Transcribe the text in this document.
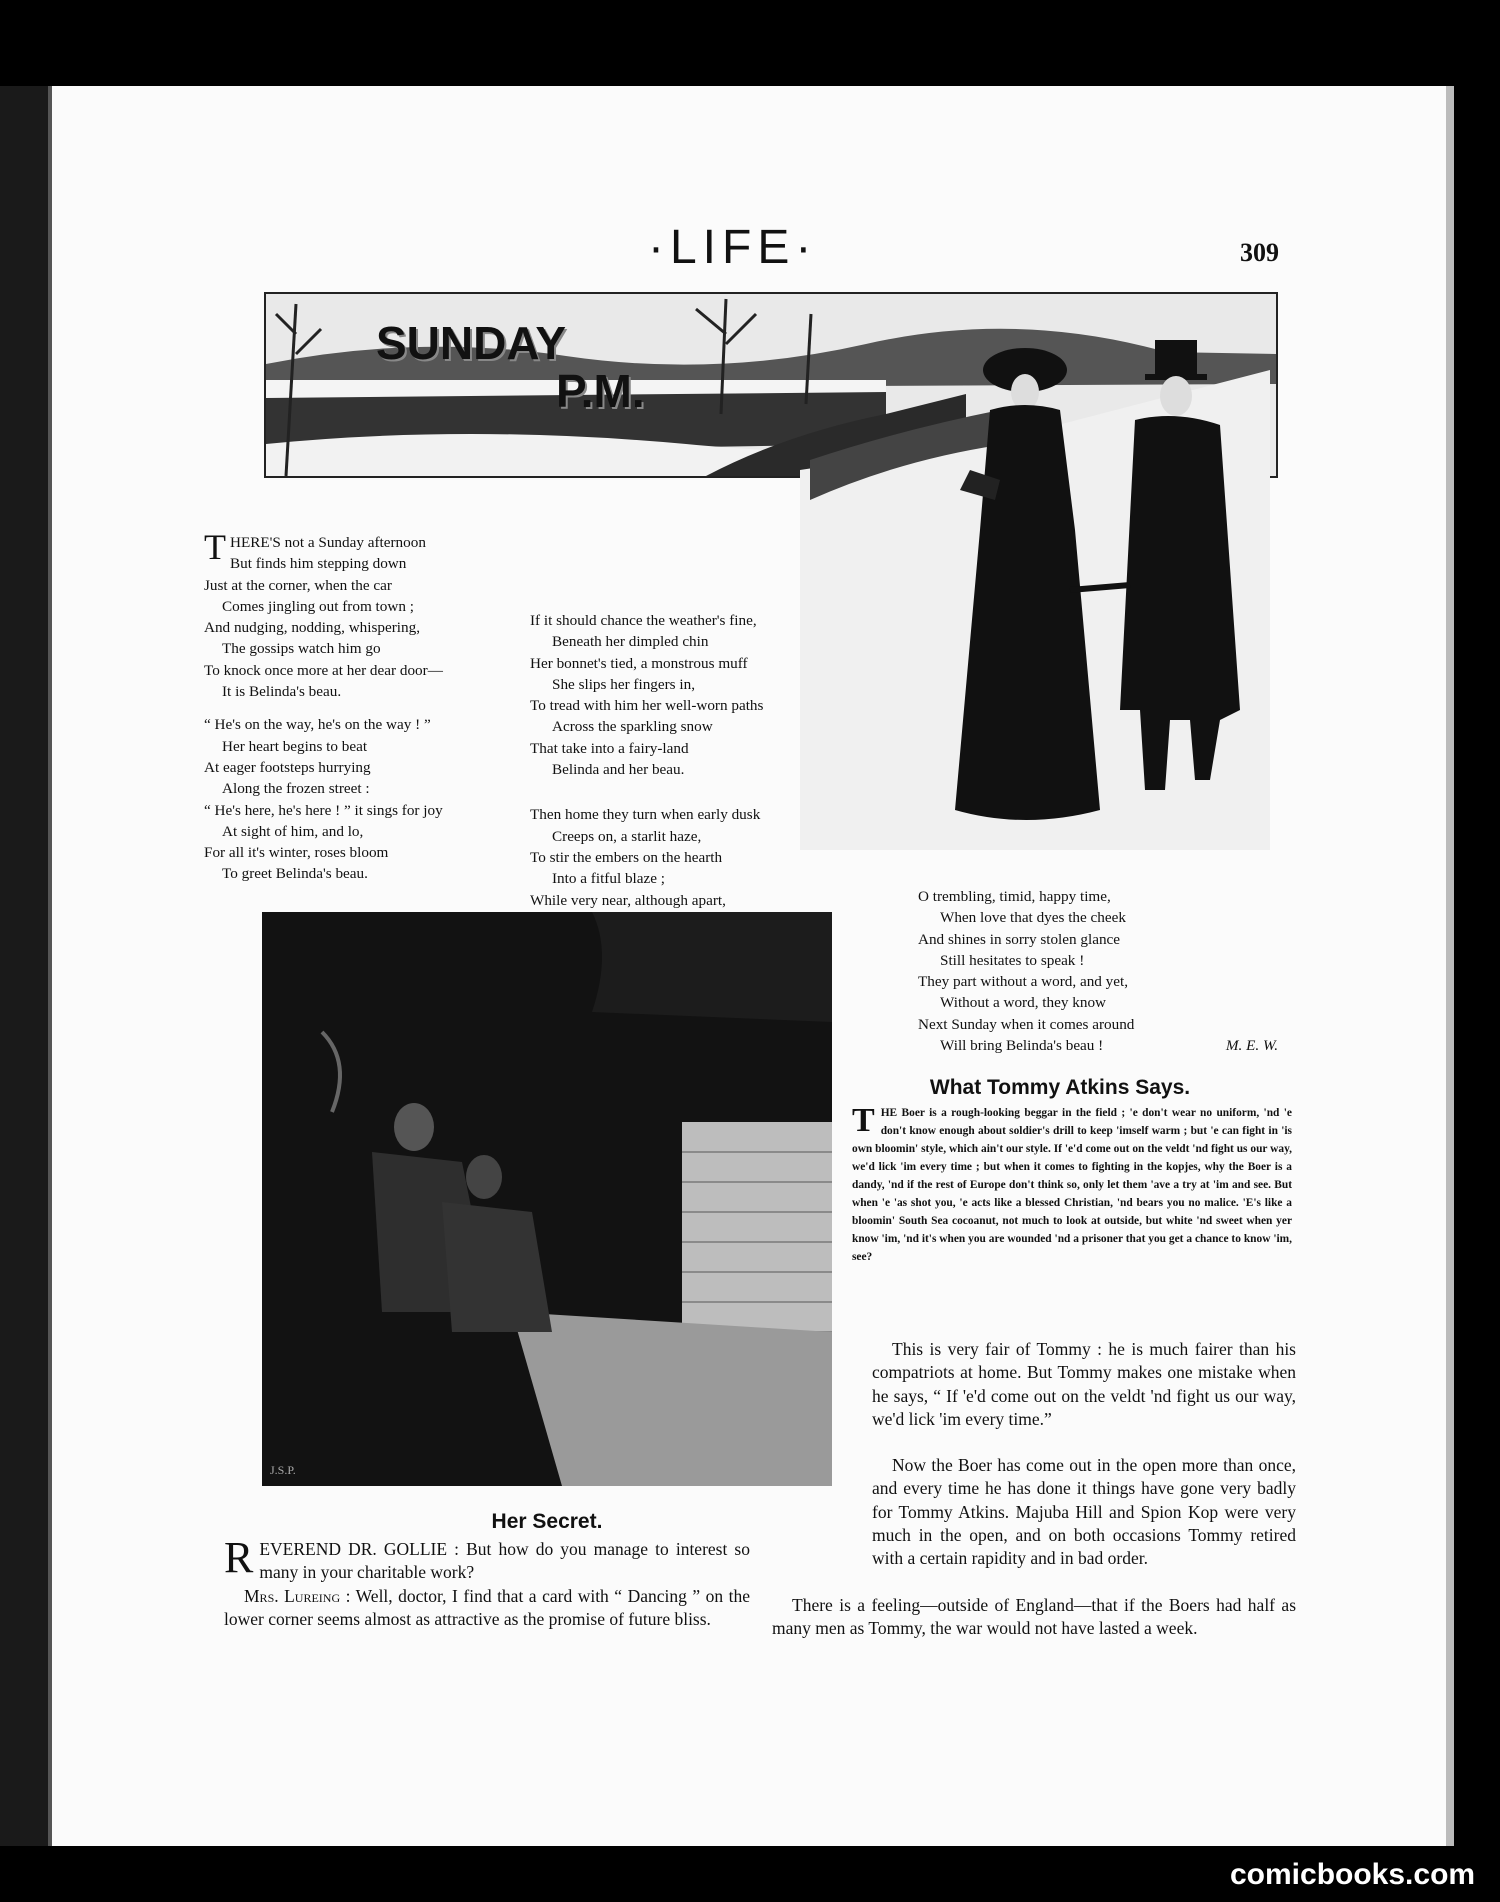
·LIFE·	309
SUNDAY
P.M.
T HERE'S not a Sunday afternoon

But finds him stepping down

Just at the corner, when the car

Comes jingling out from town ;

And nudging, nodding, whispering,

The gossips watch him go

To knock once more at her dear door—

It is Belinda's beau.

“ He's on the way, he's on the way ! ”

Her heart begins to beat

At eager footsteps hurrying

Along the frozen street :

“ He's here, he's here ! ” it sings for joy

At sight of him, and lo,

For all it's winter, roses bloom

To greet Belinda's beau.

If it should chance the weather's fine,

Beneath her dimpled chin

Her bonnet's tied, a monstrous muff

She slips her fingers in,

To tread with him her well-worn paths

Across the sparkling snow

That take into a fairy-land

Belinda and her beau.

Then home they turn when early dusk

Creeps on, a starlit haze,

To stir the embers on the hearth

Into a fitful blaze ;

While very near, although apart,	O trembling, timid, happy time,

When love that dyes the cheek

And shines in sorry stolen glance

Still hesitates to speak !

They part without a word, and yet,

Without a word, they know

Next Sunday when it comes around

Will bring Belinda's beau !	M. E. W.
J.S.P.
Her Secret.

R EVEREND DR. GOLLIE : But how do you manage to interest so many in your charitable work?

Mrs. Lureing : Well, doctor, I find that a card with “ Dancing ” on the lower corner seems almost as attractive as the promise of future bliss.

What Tommy Atkins Says.
T HE Boer is a rough-looking beggar in the field ; 'e don't wear no uniform, 'nd 'e don't know enough about soldier's drill to keep 'imself warm ; but 'e can fight in 'is own bloomin' style, which ain't our style. If 'e'd come out on the veldt 'nd fight us our way, we'd lick 'im every time ; but when it comes to fighting in the kopjes, why the Boer is a dandy, 'nd if the rest of Europe don't think so, only let them 'ave a try at 'im and see. But when 'e 'as shot you, 'e acts like a blessed Christian, 'nd bears you no malice. 'E's like a bloomin' South Sea cocoanut, not much to look at outside, but white 'nd sweet when yer know 'im, 'nd it's when you are wounded 'nd a prisoner that you get a chance to know 'im, see?

This is very fair of Tommy : he is much fairer than his compatriots at home. But Tommy makes one mistake when he says, “ If 'e'd come out on the veldt 'nd fight us our way, we'd lick 'im every time.”

Now the Boer has come out in the open more than once, and every time he has done it things have gone very badly for Tommy Atkins. Majuba Hill and Spion Kop were very much in the open, and on both occasions Tommy retired with a certain rapidity and in bad order.

There is a feeling—outside of England—that if the Boers had half as many men as Tommy, the war would not have lasted a week.

comicbooks.com
